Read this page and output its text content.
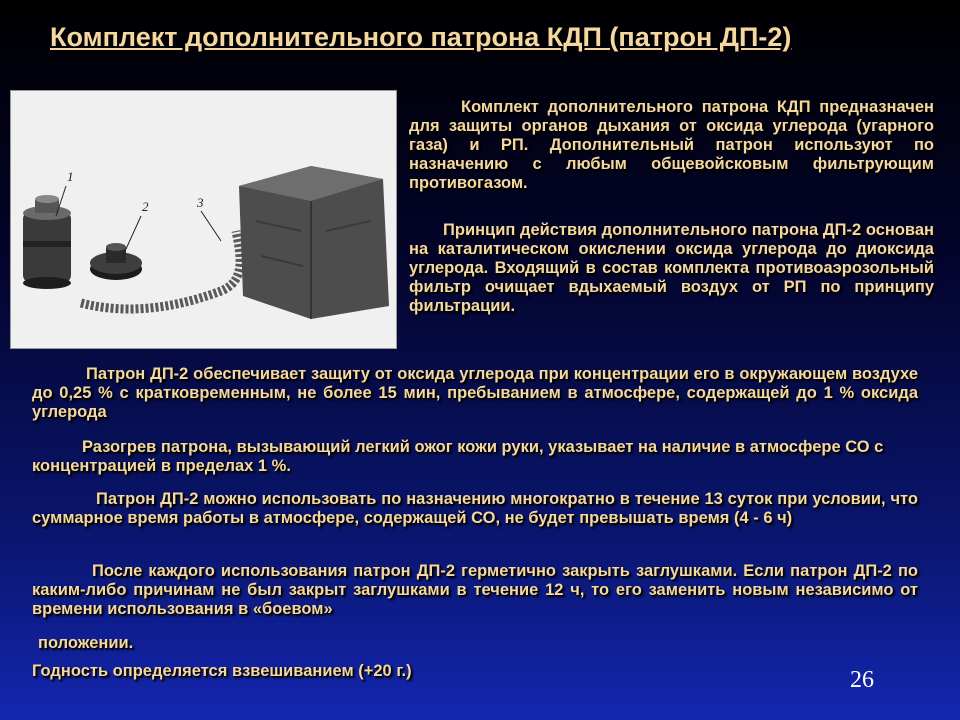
Комплект дополнительного патрона КДП (патрон ДП-2)
1
2	3
Комплект дополнительного патрона КДП предназначен для защиты органов дыхания от оксида углерода (угарного газа) и РП. Дополнительный патрон используют по назначению с любым общевойсковым фильтрующим противогазом.
Принцип действия дополнительного патрона ДП-2 основан на каталитическом окислении оксида углерода до диоксида углерода. Входящий в состав комплекта противоаэрозольный фильтр очищает вдыхаемый воздух от РП по принципу фильтрации.
Патрон ДП-2 обеспечивает защиту от оксида углерода при концентрации его в окружающем воздухе до 0,25 % с кратковременным, не более 15 мин, пребыванием в атмосфере, содержащей до 1 % оксида углерода
Разогрев патрона, вызывающий легкий ожог кожи руки, указывает на наличие в атмосфере СО с концентрацией в пределах 1 %.
Патрон ДП-2 можно использовать по назначению многократно в течение 13 суток при условии, что суммарное время работы в атмосфере, содержащей СО, не будет превышать время (4 - 6 ч)
После каждого использования патрон ДП-2 герметично закрыть заглушками. Если патрон ДП-2 по каким-либо причинам не был закрыт заглушками в течение 12 ч, то его заменить новым независимо от времени использования в «боевом»
положении.
Годность определяется взвешиванием (+20 г.)	26
